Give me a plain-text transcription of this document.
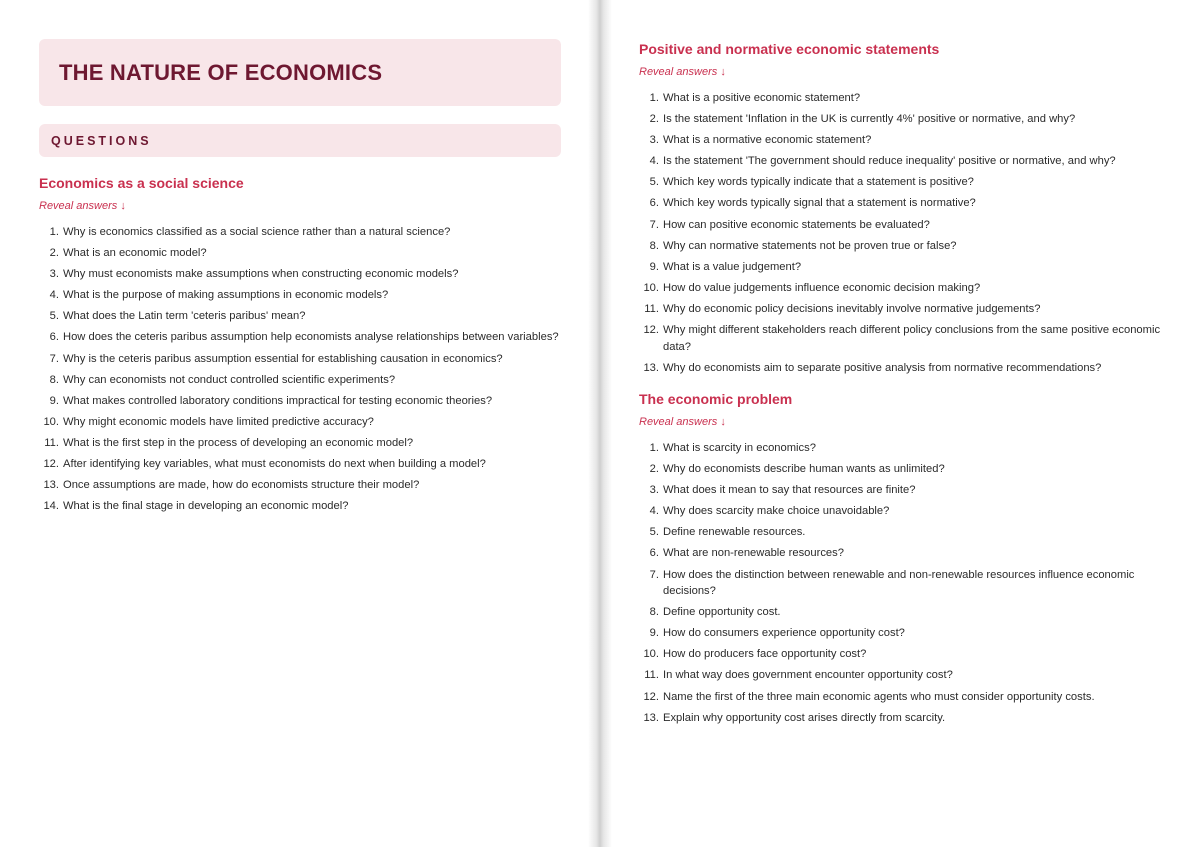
THE NATURE OF ECONOMICS
QUESTIONS
Economics as a social science
Reveal answers ↓
1. Why is economics classified as a social science rather than a natural science?
2. What is an economic model?
3. Why must economists make assumptions when constructing economic models?
4. What is the purpose of making assumptions in economic models?
5. What does the Latin term 'ceteris paribus' mean?
6. How does the ceteris paribus assumption help economists analyse relationships between variables?
7. Why is the ceteris paribus assumption essential for establishing causation in economics?
8. Why can economists not conduct controlled scientific experiments?
9. What makes controlled laboratory conditions impractical for testing economic theories?
10. Why might economic models have limited predictive accuracy?
11. What is the first step in the process of developing an economic model?
12. After identifying key variables, what must economists do next when building a model?
13. Once assumptions are made, how do economists structure their model?
14. What is the final stage in developing an economic model?
Positive and normative economic statements
Reveal answers ↓
1. What is a positive economic statement?
2. Is the statement 'Inflation in the UK is currently 4%' positive or normative, and why?
3. What is a normative economic statement?
4. Is the statement 'The government should reduce inequality' positive or normative, and why?
5. Which key words typically indicate that a statement is positive?
6. Which key words typically signal that a statement is normative?
7. How can positive economic statements be evaluated?
8. Why can normative statements not be proven true or false?
9. What is a value judgement?
10. How do value judgements influence economic decision making?
11. Why do economic policy decisions inevitably involve normative judgements?
12. Why might different stakeholders reach different policy conclusions from the same positive economic data?
13. Why do economists aim to separate positive analysis from normative recommendations?
The economic problem
Reveal answers ↓
1. What is scarcity in economics?
2. Why do economists describe human wants as unlimited?
3. What does it mean to say that resources are finite?
4. Why does scarcity make choice unavoidable?
5. Define renewable resources.
6. What are non-renewable resources?
7. How does the distinction between renewable and non-renewable resources influence economic decisions?
8. Define opportunity cost.
9. How do consumers experience opportunity cost?
10. How do producers face opportunity cost?
11. In what way does government encounter opportunity cost?
12. Name the first of the three main economic agents who must consider opportunity costs.
13. Explain why opportunity cost arises directly from scarcity.
